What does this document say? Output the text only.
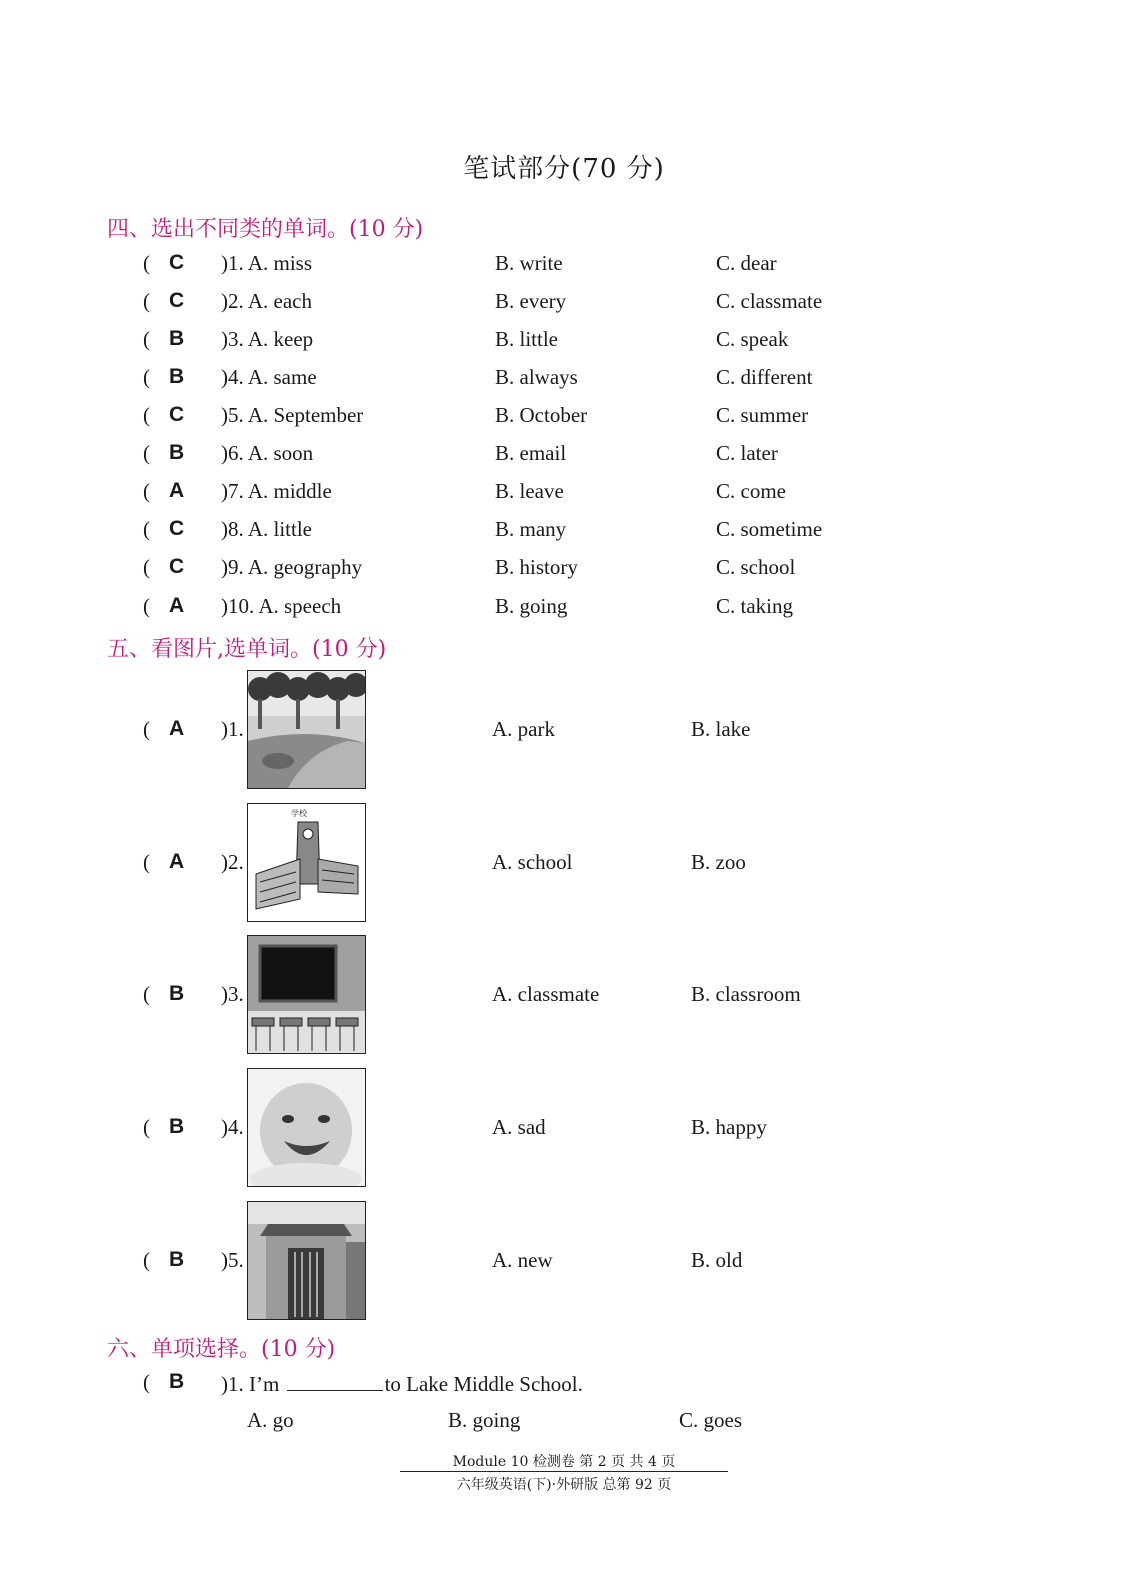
笔试部分(70 分)
四、选出不同类的单词。(10 分)
( C )1. A. miss	B. write	C. dear
( C )2. A. each	B. every	C. classmate
( B )3. A. keep	B. little	C. speak
( B )4. A. same	B. always	C. different
( C )5. A. September	B. October	C. summer
( B )6. A. soon	B. email	C. later
( A )7. A. middle	B. leave	C. come
( C )8. A. little	B. many	C. sometime
( C )9. A. geography	B. history	C. school
( A )10. A. speech	B. going	C. taking
五、看图片,选单词。(10 分)
( A )1.	A. park	B. lake
( A )2.	A. school	B. zoo
学校
( B )3.	A. classmate	B. classroom
( B )4.	A. sad	B. happy
( B )5.	A. new	B. old
六、单项选择。(10 分)
( B )1. I’m	to Lake Middle School.
A. go	B. going	C. goes
Module 10 检测卷 第 2 页 共 4 页
六年级英语(下)·外研版 总第 92 页
